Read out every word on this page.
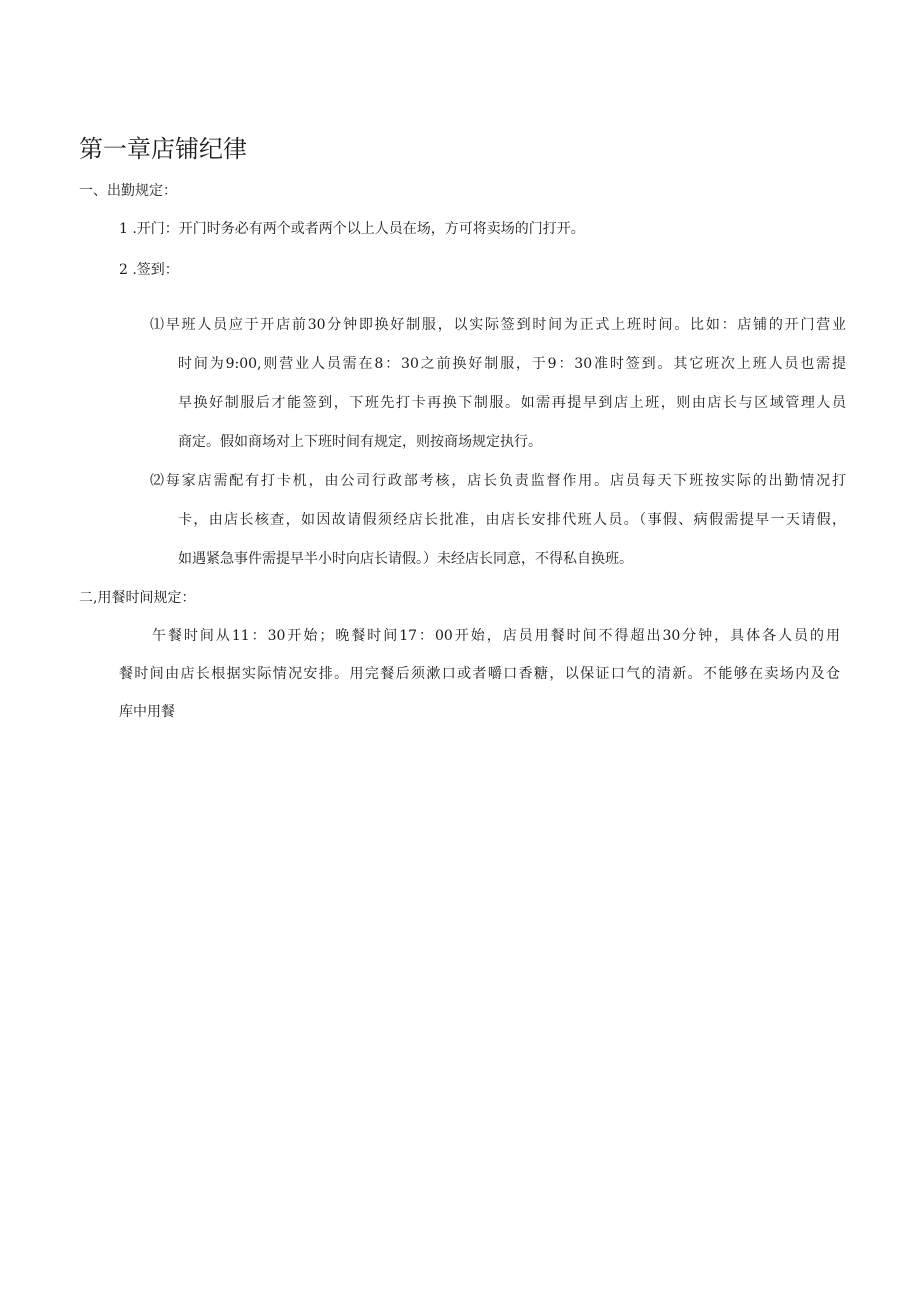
第一章店铺纪律
一、出勤规定：
1 .开门：开门时务必有两个或者两个以上人员在场，方可将卖场的门打开。
2 .签到：
⑴早班人员应于开店前30分钟即换好制服，以实际签到时间为正式上班时间。比如：店铺的开门营业
时间为9:00,则营业人员需在8：30之前换好制服，于9：30准时签到。其它班次上班人员也需提
早换好制服后才能签到，下班先打卡再换下制服。如需再提早到店上班，则由店长与区域管理人员
商定。假如商场对上下班时间有规定，则按商场规定执行。
⑵每家店需配有打卡机，由公司行政部考核，店长负责监督作用。店员每天下班按实际的出勤情况打
卡，由店长核查，如因故请假须经店长批准，由店长安排代班人员。（事假、病假需提早一天请假，
如遇紧急事件需提早半小时向店长请假。）未经店长同意，不得私自换班。
二,用餐时间规定：
午餐时间从11：30开始；晚餐时间17：00开始，店员用餐时间不得超出30分钟，具体各人员的用
餐时间由店长根据实际情况安排。用完餐后须漱口或者嚼口香糖，以保证口气的清新。不能够在卖场内及仓
库中用餐
